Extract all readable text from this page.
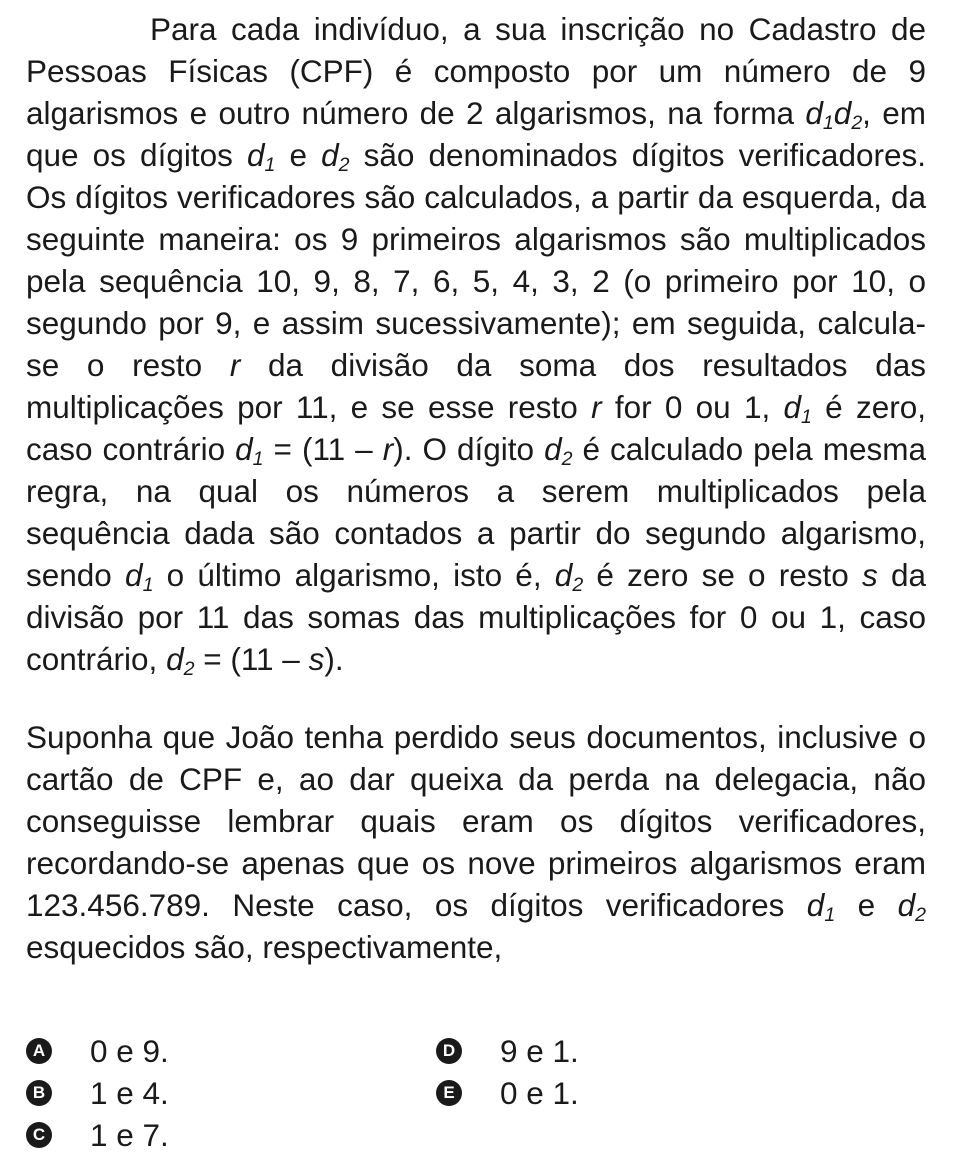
Para cada indivíduo, a sua inscrição no Cadastro de Pessoas Físicas (CPF) é composto por um número de 9 algarismos e outro número de 2 algarismos, na forma $d_1d_2$, em que os dígitos $d_1$ e $d_2$ são denominados dígitos verificadores. Os dígitos verificadores são calculados, a partir da esquerda, da seguinte maneira: os 9 primeiros algarismos são multiplicados pela sequência 10, 9, 8, 7, 6, 5, 4, 3, 2 (o primeiro por 10, o segundo por 9, e assim sucessivamente); em seguida, calcula-se o resto r da divisão da soma dos resultados das multiplicações por 11, e se esse resto r for 0 ou 1, $d_1$ é zero, caso contrário $d_1 = (11 - r)$. O dígito $d_2$ é calculado pela mesma regra, na qual os números a serem multiplicados pela sequência dada são contados a partir do segundo algarismo, sendo $d_1$ o último algarismo, isto é, $d_2$ é zero se o resto s da divisão por 11 das somas das multiplicações for 0 ou 1, caso contrário, $d_2 = (11 - s)$.

Suponha que João tenha perdido seus documentos, inclusive o cartão de CPF e, ao dar queixa da perda na delegacia, não conseguisse lembrar quais eram os dígitos verificadores, recordando-se apenas que os nove primeiros algarismos eram 123.456.789. Neste caso, os dígitos verificadores $d_1$ e $d_2$ esquecidos são, respectivamente,

A 0 e 9.
B 1 e 4.
C 1 e 7.
D 9 e 1.
E 0 e 1.
